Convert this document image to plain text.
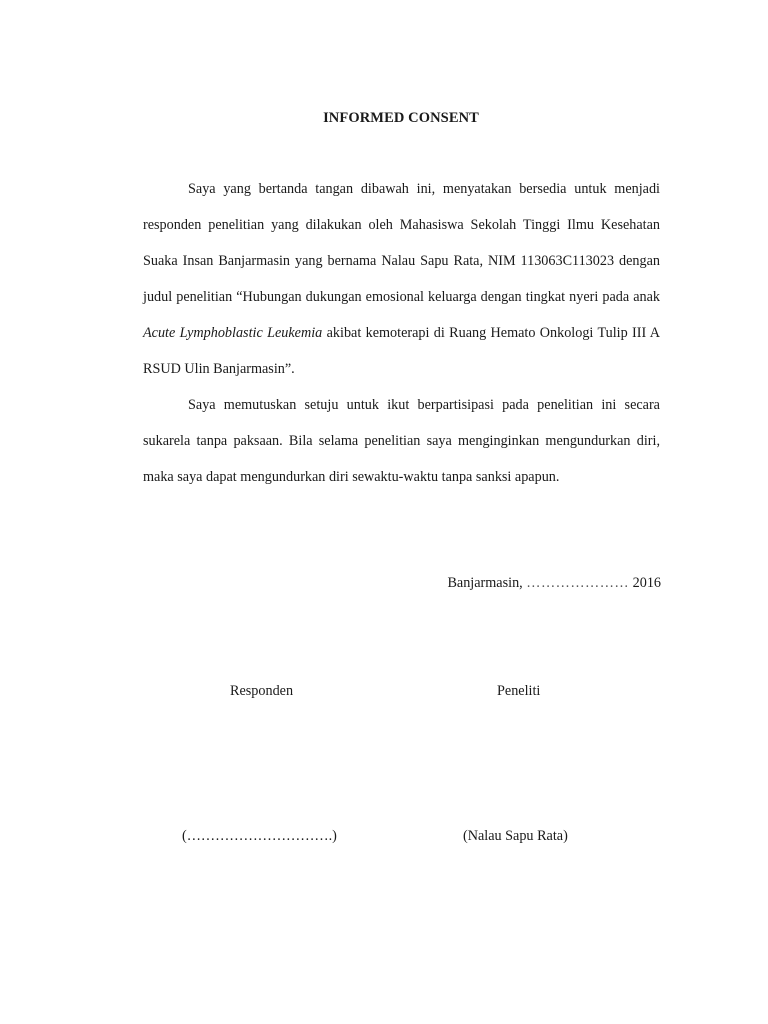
INFORMED CONSENT

Saya yang bertanda tangan dibawah ini, menyatakan bersedia untuk menjadi responden penelitian yang dilakukan oleh Mahasiswa Sekolah Tinggi Ilmu Kesehatan Suaka Insan Banjarmasin yang bernama Nalau Sapu Rata, NIM 113063C113023 dengan judul penelitian “Hubungan dukungan emosional keluarga dengan tingkat nyeri pada anak Acute Lymphoblastic Leukemia akibat kemoterapi di Ruang Hemato Onkologi Tulip III A RSUD Ulin Banjarmasin”.

Saya memutuskan setuju untuk ikut berpartisipasi pada penelitian ini secara sukarela tanpa paksaan. Bila selama penelitian saya menginginkan mengundurkan diri, maka saya dapat mengundurkan diri sewaktu-waktu tanpa sanksi apapun.

Banjarmasin, ………………… 2016
Responden	Peneliti
(………………………….)	(Nalau Sapu Rata)
